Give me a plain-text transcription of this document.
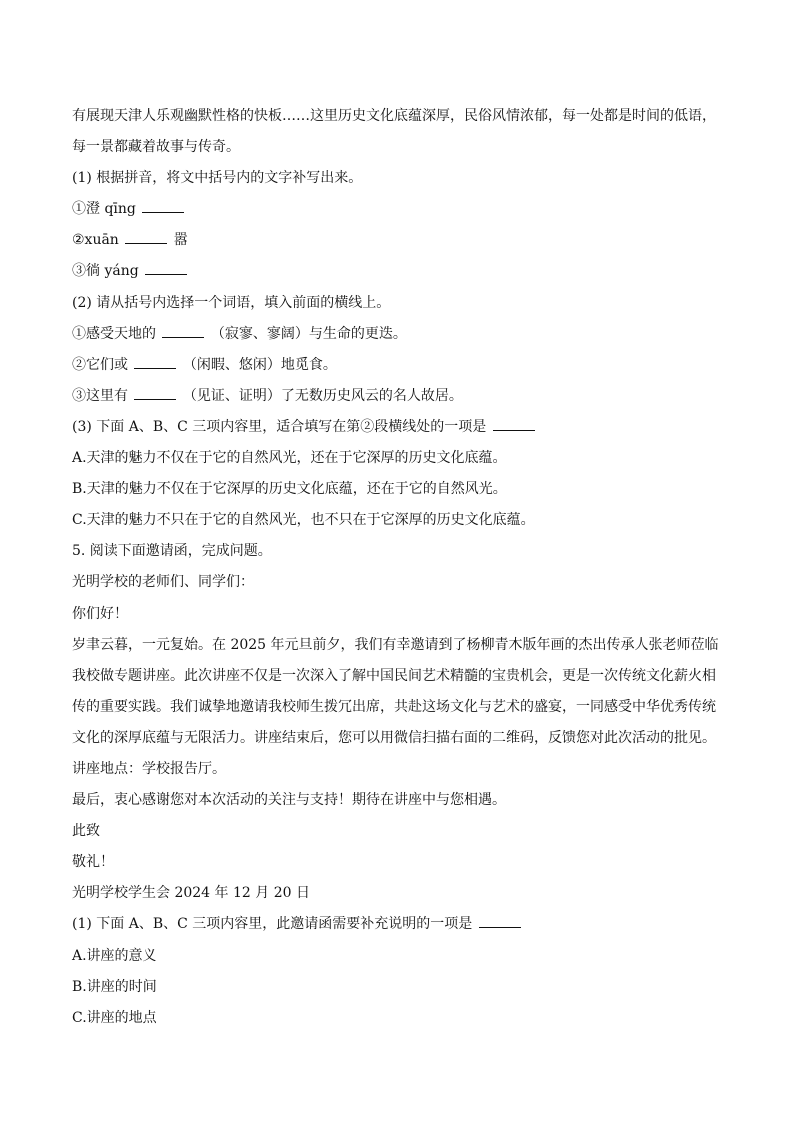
有展现天津人乐观幽默性格的快板……这里历史文化底蕴深厚，民俗风情浓郁，每一处都是时间的低语，
每一景都藏着故事与传奇。
(1) 根据拼音，将文中括号内的文字补写出来。
①澄 qīng
②xuān	嚣
③徜 yáng
(2) 请从括号内选择一个词语，填入前面的横线上。
①感受天地的	（寂寥、寥阔）与生命的更迭。
②它们或	（闲暇、悠闲）地觅食。
③这里有	（见证、证明）了无数历史风云的名人故居。
(3) 下面 A、B、C 三项内容里，适合填写在第②段横线处的一项是
A.天津的魅力不仅在于它的自然风光，还在于它深厚的历史文化底蕴。
B.天津的魅力不仅在于它深厚的历史文化底蕴，还在于它的自然风光。
C.天津的魅力不只在于它的自然风光，也不只在于它深厚的历史文化底蕴。
5. 阅读下面邀请函，完成问题。
光明学校的老师们、同学们：
你们好！
岁聿云暮，一元复始。在 2025 年元旦前夕，我们有幸邀请到了杨柳青木版年画的杰出传承人张老师莅临
我校做专题讲座。此次讲座不仅是一次深入了解中国民间艺术精髓的宝贵机会，更是一次传统文化薪火相
传的重要实践。我们诚挚地邀请我校师生拨冗出席，共赴这场文化与艺术的盛宴，一同感受中华优秀传统
文化的深厚底蕴与无限活力。讲座结束后，您可以用微信扫描右面的二维码，反馈您对此次活动的批见。
讲座地点：学校报告厅。
最后，衷心感谢您对本次活动的关注与支持！期待在讲座中与您相遇。
此致
敬礼！
光明学校学生会 2024 年 12 月 20 日
(1) 下面 A、B、C 三项内容里，此邀请函需要补充说明的一项是
A.讲座的意义
B.讲座的时间
C.讲座的地点
